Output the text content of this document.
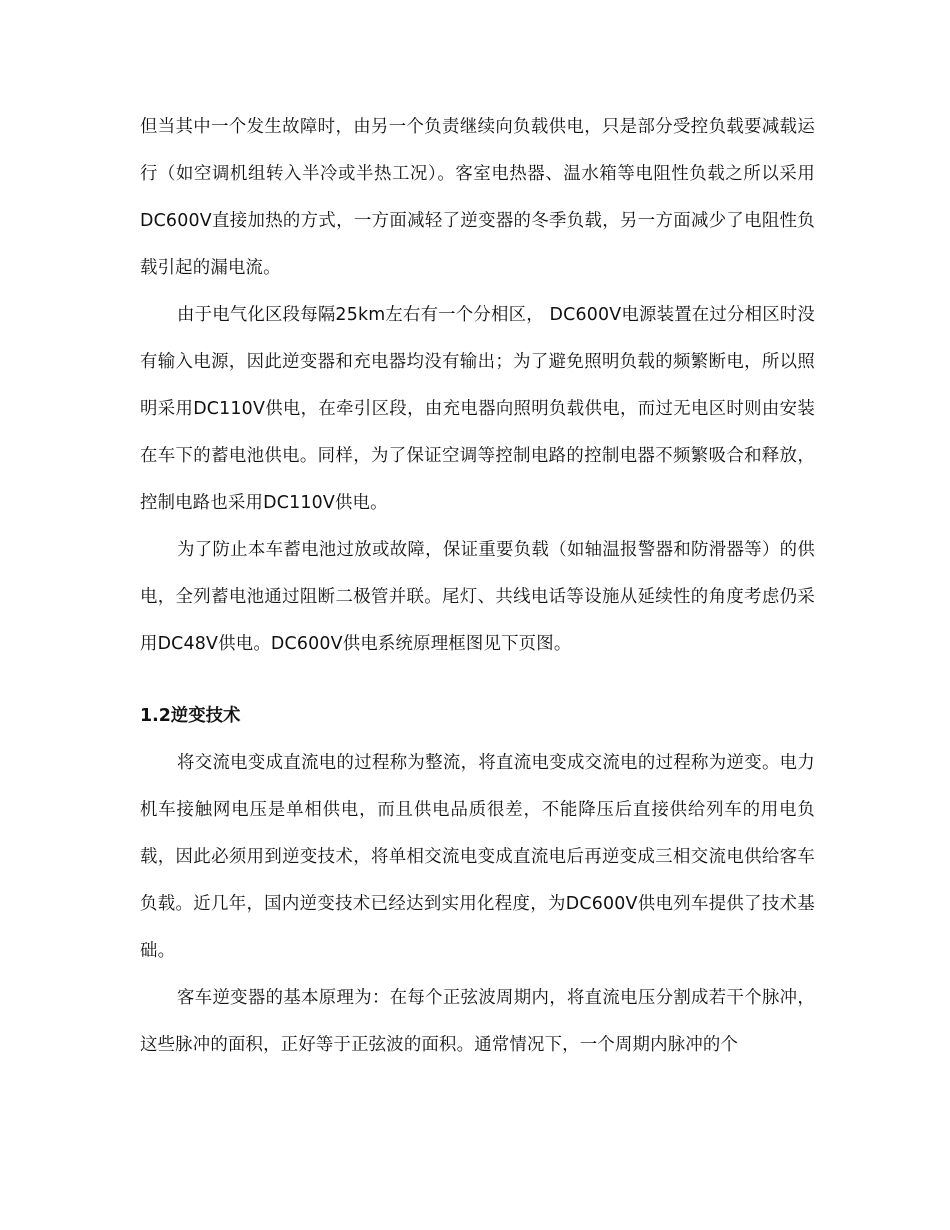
但当其中一个发生故障时，由另一个负责继续向负载供电，只是部分受控负载要减载运行（如空调机组转入半冷或半热工况）。客室电热器、温水箱等电阻性负载之所以采用DC600V直接加热的方式，一方面减轻了逆变器的冬季负载，另一方面减少了电阻性负载引起的漏电流。

由于电气化区段每隔25km左右有一个分相区， DC600V电源装置在过分相区时没有输入电源，因此逆变器和充电器均没有输出；为了避免照明负载的频繁断电，所以照明采用DC110V供电，在牵引区段，由充电器向照明负载供电，而过无电区时则由安装在车下的蓄电池供电。同样，为了保证空调等控制电路的控制电器不频繁吸合和释放，控制电路也采用DC110V供电。

为了防止本车蓄电池过放或故障，保证重要负载（如轴温报警器和防滑器等）的供电，全列蓄电池通过阻断二极管并联。尾灯、共线电话等设施从延续性的角度考虑仍采用DC48V供电。DC600V供电系统原理框图见下页图。

1.2逆变技术

将交流电变成直流电的过程称为整流，将直流电变成交流电的过程称为逆变。电力机车接触网电压是单相供电，而且供电品质很差，不能降压后直接供给列车的用电负载，因此必须用到逆变技术，将单相交流电变成直流电后再逆变成三相交流电供给客车负载。近几年，国内逆变技术已经达到实用化程度，为DC600V供电列车提供了技术基础。

客车逆变器的基本原理为：在每个正弦波周期内，将直流电压分割成若干个脉冲，这些脉冲的面积，正好等于正弦波的面积。通常情况下，一个周期内脉冲的个
